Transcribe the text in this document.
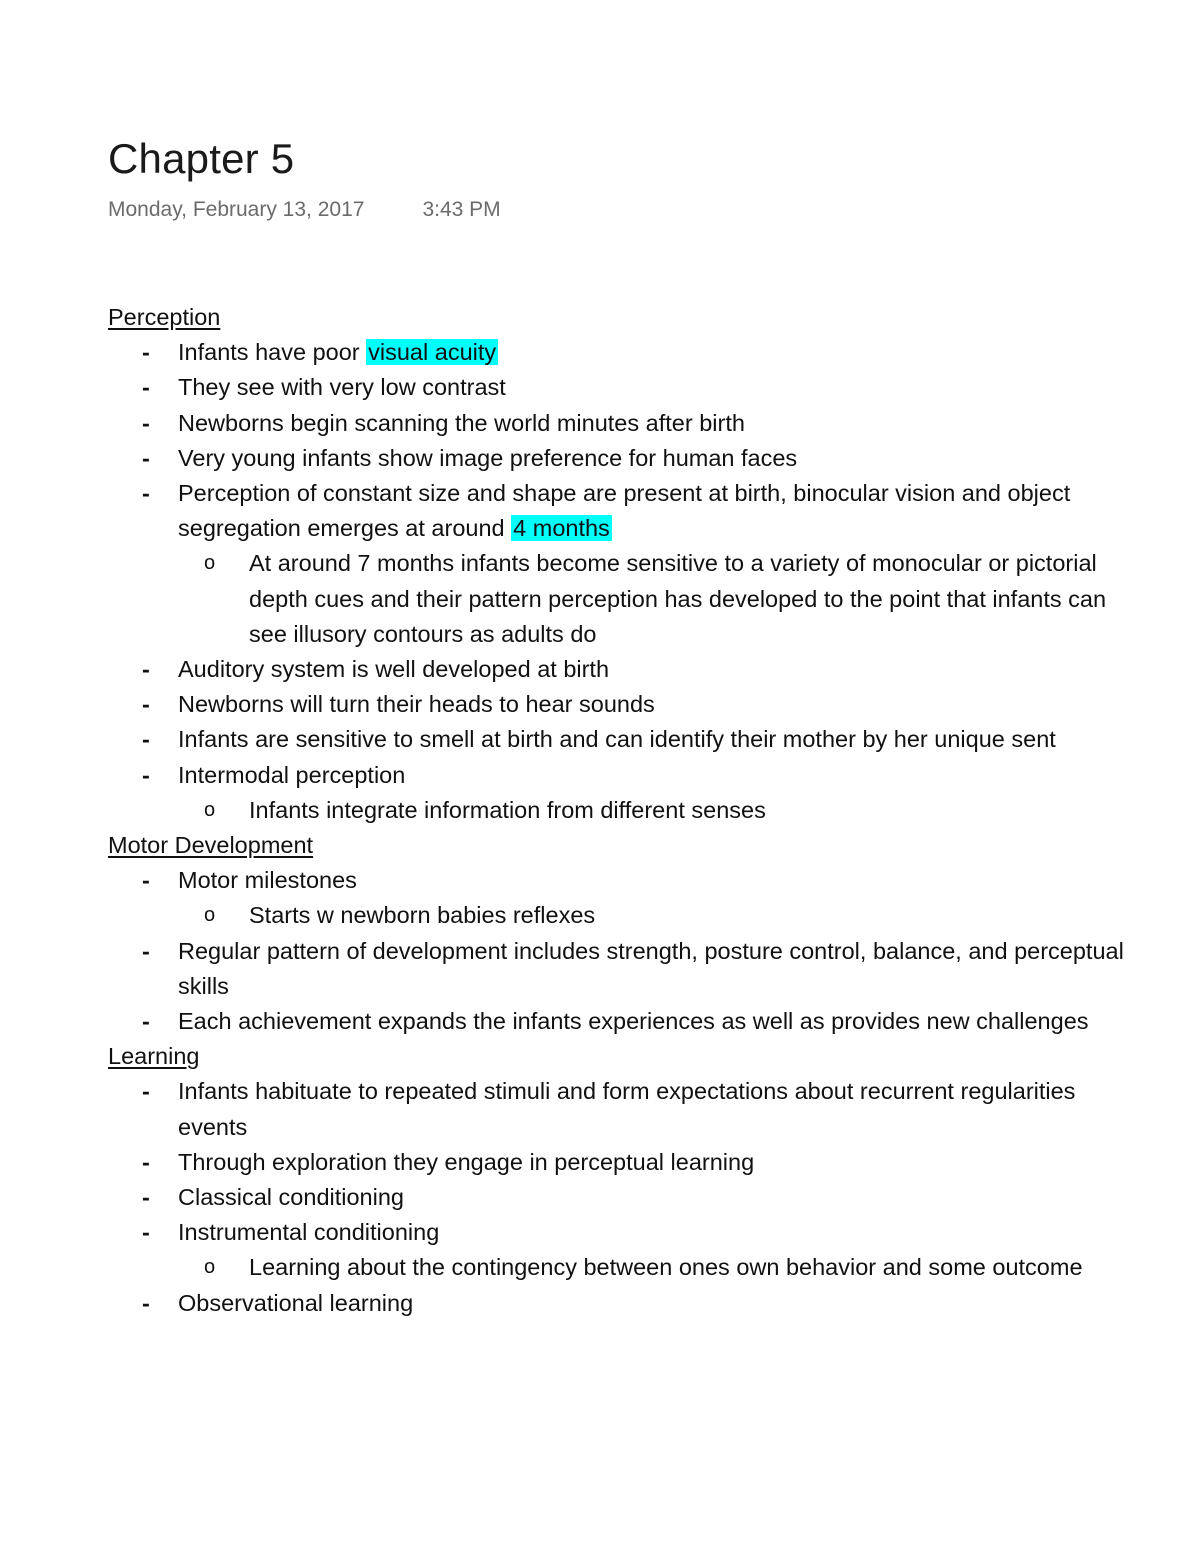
Chapter 5
Monday, February 13, 2017	3:43 PM
Perception
- Infants have poor visual acuity
- They see with very low contrast
- Newborns begin scanning the world minutes after birth
- Very young infants show image preference for human faces
- Perception of constant size and shape are present at birth, binocular vision and object segregation emerges at around 4 months
o At around 7 months infants become sensitive to a variety of monocular or pictorial depth cues and their pattern perception has developed to the point that infants can see illusory contours as adults do
- Auditory system is well developed at birth
- Newborns will turn their heads to hear sounds
- Infants are sensitive to smell at birth and can identify their mother by her unique sent
- Intermodal perception
o Infants integrate information from different senses
Motor Development
- Motor milestones
o Starts w newborn babies reflexes
- Regular pattern of development includes strength, posture control, balance, and perceptual skills
- Each achievement expands the infants experiences as well as provides new challenges
Learning
- Infants habituate to repeated stimuli and form expectations about recurrent regularities events
- Through exploration they engage in perceptual learning
- Classical conditioning
- Instrumental conditioning
o Learning about the contingency between ones own behavior and some outcome
- Observational learning
